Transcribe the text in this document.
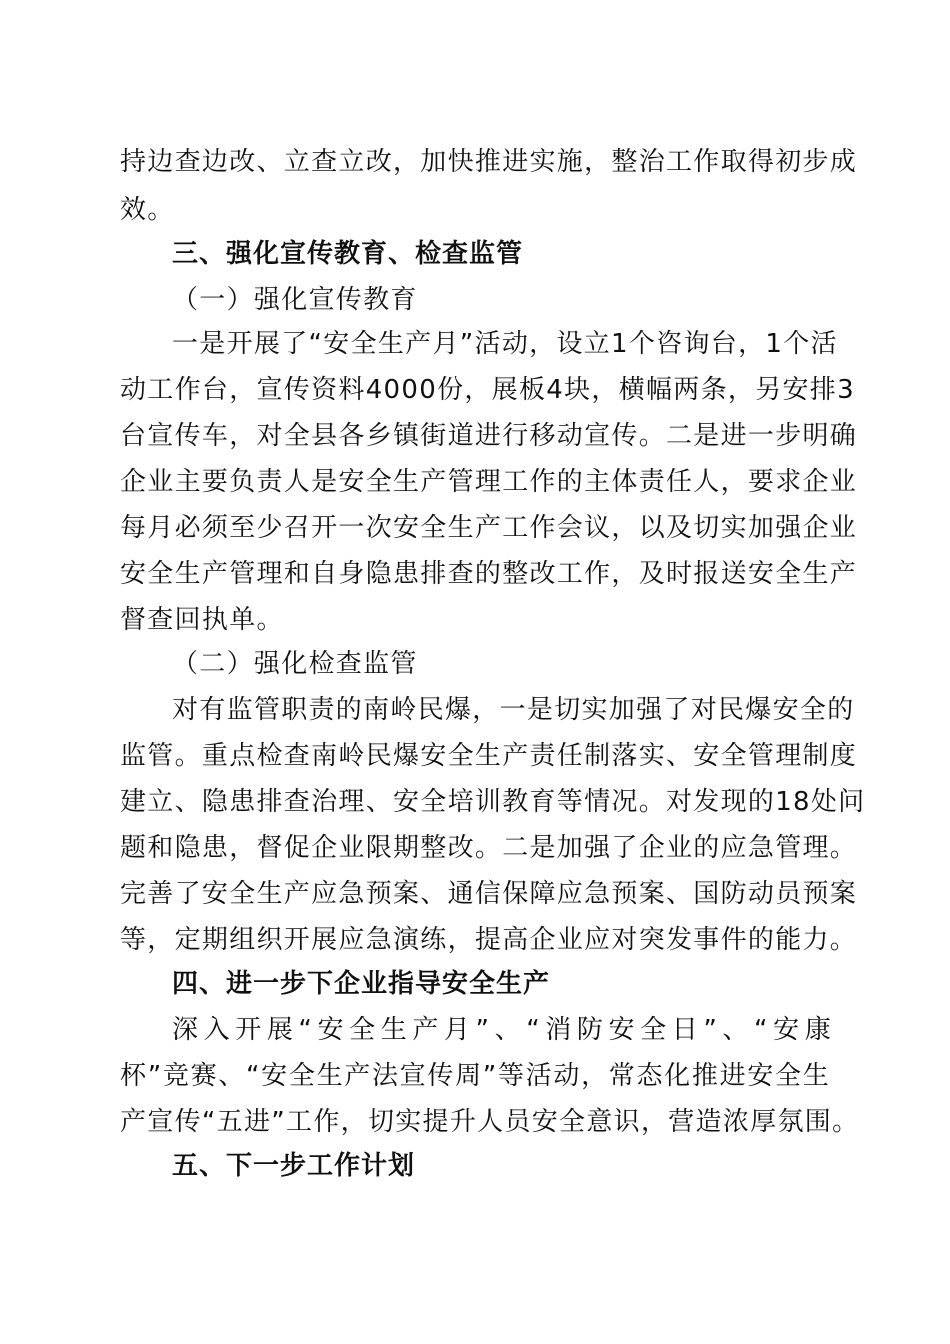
持边查边改、立查立改，加快推进实施，整治工作取得初步成
效。
三、强化宣传教育、检查监管
（一）强化宣传教育
一是开展了“安全生产月”活动，设立1个咨询台，1个活
动工作台，宣传资料4000份，展板4块，横幅两条，另安排3
台宣传车，对全县各乡镇街道进行移动宣传。二是进一步明确
企业主要负责人是安全生产管理工作的主体责任人，要求企业
每月必须至少召开一次安全生产工作会议，以及切实加强企业
安全生产管理和自身隐患排查的整改工作，及时报送安全生产
督查回执单。
（二）强化检查监管
对有监管职责的南岭民爆，一是切实加强了对民爆安全的
监管。重点检查南岭民爆安全生产责任制落实、安全管理制度
建立、隐患排查治理、安全培训教育等情况。对发现的18处问
题和隐患，督促企业限期整改。二是加强了企业的应急管理。
完善了安全生产应急预案、通信保障应急预案、国防动员预案
等，定期组织开展应急演练，提高企业应对突发事件的能力。
四、进一步下企业指导安全生产
深入开展“安全生产月”、“消防安全日”、“安康
杯”竞赛、“安全生产法宣传周”等活动，常态化推进安全生
产宣传“五进”工作，切实提升人员安全意识，营造浓厚氛围。
五、下一步工作计划
